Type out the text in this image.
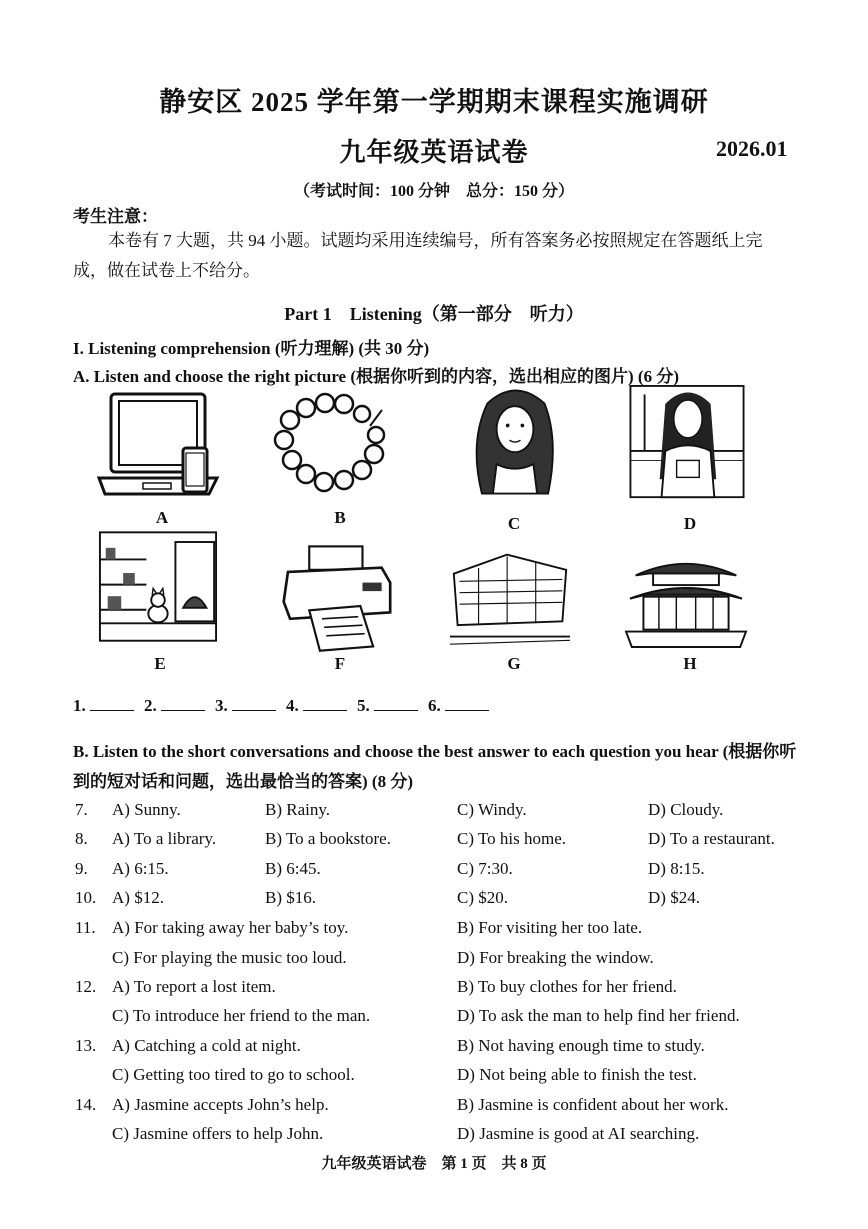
静安区 2025 学年第一学期期末课程实施调研
九年级英语试卷	2026.01
（考试时间：100 分钟　总分：150 分）
考生注意：
本卷有 7 大题，共 94 小题。试题均采用连续编号，所有答案务必按照规定在答题纸上完成，做在试卷上不给分。
Part 1　Listening（第一部分　听力）
I. Listening comprehension (听力理解) (共 30 分)
A. Listen and choose the right picture (根据你听到的内容，选出相应的图片) (6 分)
A	B	C	D
E	F	G	H
1.	2.	3.	4.	5.	6.
B. Listen to the short conversations and choose the best answer to each question you hear (根据你听到的短对话和问题，选出最恰当的答案) (8 分)
7. A) Sunny.	B) Rainy.	C) Windy.	D) Cloudy.
8. A) To a library.	B) To a bookstore.	C) To his home.	D) To a restaurant.
9. A) 6:15.	B) 6:45.	C) 7:30.	D) 8:15.
10. A) $12.	B) $16.	C) $20.	D) $24.
11. A) For taking away her baby’s toy.	B) For visiting her too late.
C) For playing the music too loud.	D) For breaking the window.
12. A) To report a lost item.	B) To buy clothes for her friend.
C) To introduce her friend to the man.	D) To ask the man to help find her friend.
13. A) Catching a cold at night.	B) Not having enough time to study.
C) Getting too tired to go to school.	D) Not being able to finish the test.
14. A) Jasmine accepts John’s help.	B) Jasmine is confident about her work.
C) Jasmine offers to help John.	D) Jasmine is good at AI searching.
九年级英语试卷　第 1 页　共 8 页
